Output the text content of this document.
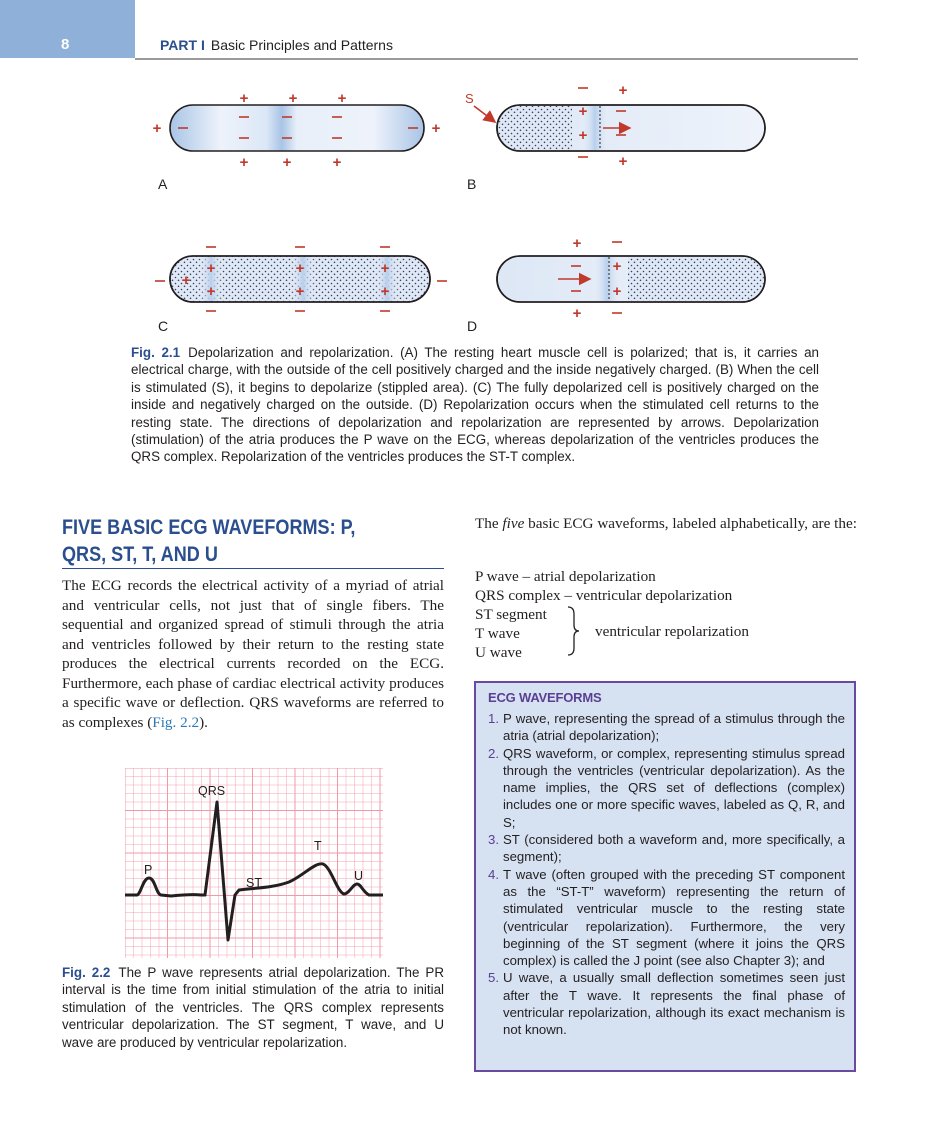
8	PART I Basic Principles and Patterns
+	+	+
+ +	+
+	+
A
S	+
+
+
+
B
+
+
+
+
+
+
+
C
+
+
+
+
D
Fig. 2.1 Depolarization and repolarization. (A) The resting heart muscle cell is polarized; that is, it carries an electrical charge, with the outside of the cell positively charged and the inside negatively charged. (B) When the cell is stimulated (S), it begins to depolarize (stippled area). (C) The fully depolarized cell is positively charged on the inside and negatively charged on the outside. (D) Repolarization occurs when the stimulated cell returns to the resting state. The directions of depolarization and repolarization are represented by arrows. Depolarization (stimulation) of the atria produces the P wave on the ECG, whereas depolarization of the ventricles produces the QRS complex. Repolarization of the ventricles produces the ST-T complex.
FIVE BASIC ECG WAVEFORMS: P, QRS, ST, T, AND U
The ECG records the electrical activity of a myriad of atrial and ventricular cells, not just that of single fibers. The sequential and organized spread of stimuli through the atria and ventricles followed by their return to the resting state produces the electrical currents recorded on the ECG. Furthermore, each phase of cardiac electrical activity produces a specific wave or deflection. QRS waveforms are referred to as complexes (Fig. 2.2).
QRS
P
ST
T
U
Fig. 2.2 The P wave represents atrial depolarization. The PR interval is the time from initial stimulation of the atria to initial stimulation of the ventricles. The QRS complex represents ventricular depolarization. The ST segment, T wave, and U wave are produced by ventricular repolarization.
The five basic ECG waveforms, labeled alphabetically, are the:
P wave – atrial depolarization
QRS complex – ventricular depolarization
ST segment
T wave
U wave
ventricular repolarization
ECG WAVEFORMS
1. P wave, representing the spread of a stimulus through the atria (atrial depolarization);
2. QRS waveform, or complex, representing stimulus spread through the ventricles (ventricular depolarization). As the name implies, the QRS set of deflections (complex) includes one or more specific waves, labeled as Q, R, and S;
3. ST (considered both a waveform and, more specifically, a segment);
4. T wave (often grouped with the preceding ST component as the “ST-T” waveform) representing the return of stimulated ventricular muscle to the resting state (ventricular repolarization). Furthermore, the very beginning of the ST segment (where it joins the QRS complex) is called the J point (see also Chapter 3); and
5. U wave, a usually small deflection sometimes seen just after the T wave. It represents the final phase of ventricular repolarization, although its exact mechanism is not known.
